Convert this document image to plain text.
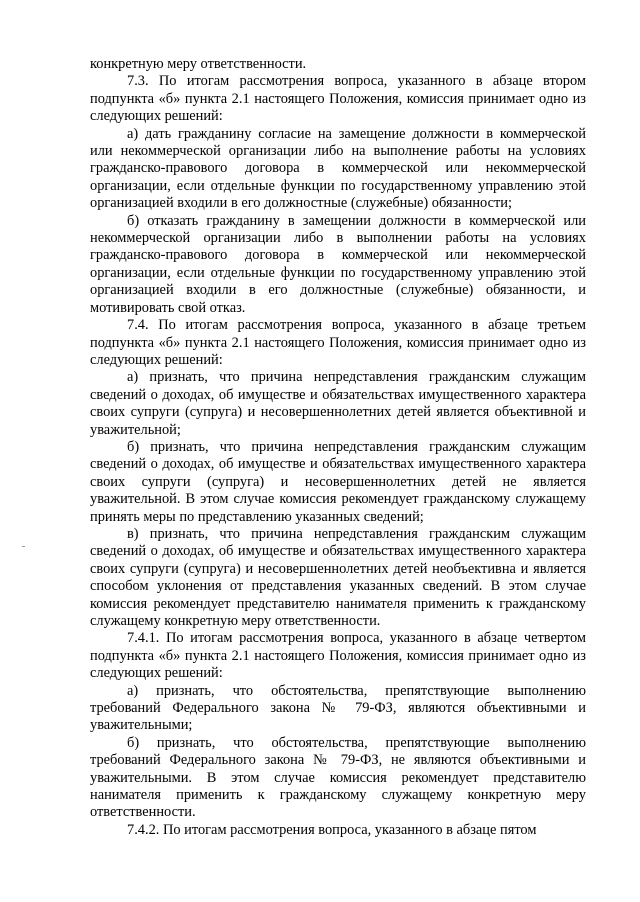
конкретную меру ответственности.

7.3. По итогам рассмотрения вопроса, указанного в абзаце втором подпункта «б» пункта 2.1 настоящего Положения, комиссия принимает одно из следующих решений:

а) дать гражданину согласие на замещение должности в коммерческой или некоммерческой организации либо на выполнение работы на условиях гражданско-правового договора в коммерческой или некоммерческой организации, если отдельные функции по государственному управлению этой организацией входили в его должностные (служебные) обязанности;

б) отказать гражданину в замещении должности в коммерческой или некоммерческой организации либо в выполнении работы на условиях гражданско-правового договора в коммерческой или некоммерческой организации, если отдельные функции по государственному управлению этой организацией входили в его должностные (служебные) обязанности, и мотивировать свой отказ.

7.4. По итогам рассмотрения вопроса, указанного в абзаце третьем подпункта «б» пункта 2.1 настоящего Положения, комиссия принимает одно из следующих решений:

а) признать, что причина непредставления гражданским служащим сведений о доходах, об имуществе и обязательствах имущественного характера своих супруги (супруга) и несовершеннолетних детей является объективной и уважительной;

б) признать, что причина непредставления гражданским служащим сведений о доходах, об имуществе и обязательствах имущественного характера своих супруги (супруга) и несовершеннолетних детей не является уважительной. В этом случае комиссия рекомендует гражданскому служащему принять меры по представлению указанных сведений;

в) признать, что причина непредставления гражданским служащим сведений о доходах, об имуществе и обязательствах имущественного характера своих супруги (супруга) и несовершеннолетних детей необъективна и является способом уклонения от представления указанных сведений. В этом случае комиссия рекомендует представителю нанимателя применить к гражданскому служащему конкретную меру ответственности.

7.4.1. По итогам рассмотрения вопроса, указанного в абзаце четвертом подпункта «б» пункта 2.1 настоящего Положения, комиссия принимает одно из следующих решений:

а) признать, что обстоятельства, препятствующие выполнению требований Федерального закона № 79-ФЗ, являются объективными и уважительными;

б) признать, что обстоятельства, препятствующие выполнению требований Федерального закона № 79-ФЗ, не являются объективными и уважительными. В этом случае комиссия рекомендует представителю нанимателя применить к гражданскому служащему конкретную меру ответственности.

7.4.2. По итогам рассмотрения вопроса, указанного в абзаце пятом
